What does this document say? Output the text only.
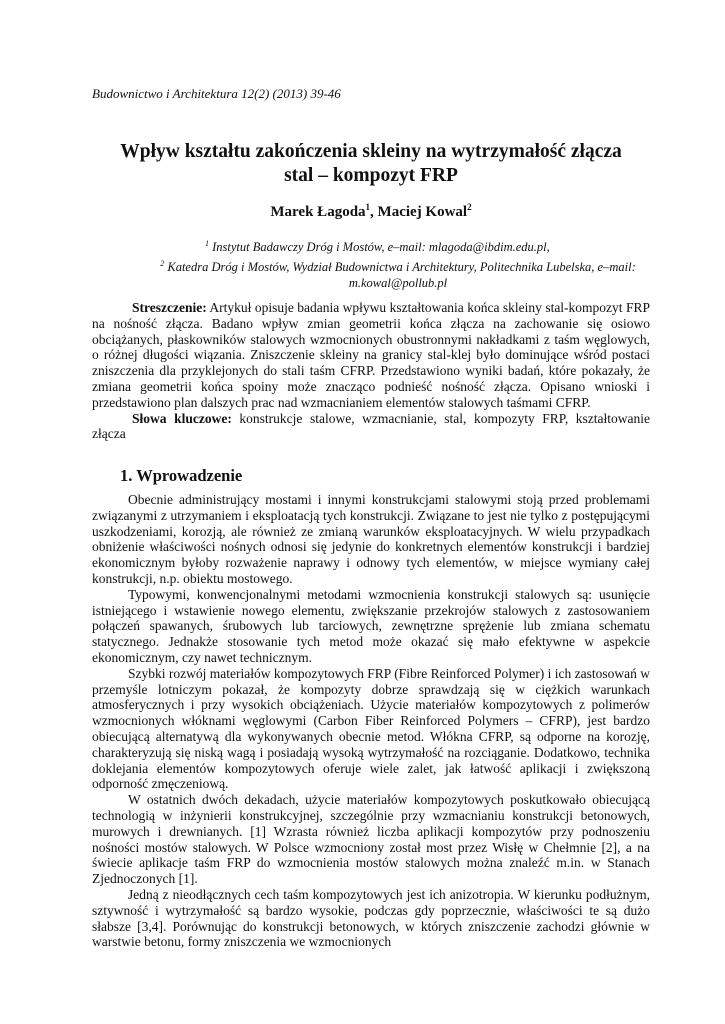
Budownictwo i Architektura 12(2) (2013) 39-46
Wpływ kształtu zakończenia skleiny na wytrzymałość złącza
stal – kompozyt FRP
Marek Łagoda$^1$, Maciej Kowal$^2$
$^1$ Instytut Badawczy Dróg i Mostów, e–mail: mlagoda@ibdim.edu.pl,
$^2$ Katedra Dróg i Mostów, Wydział Budownictwa i Architektury, Politechnika Lubelska, e–mail: m.kowal@pollub.pl

Streszczenie: Artykuł opisuje badania wpływu kształtowania końca skleiny stal-kompozyt FRP na nośność złącza. Badano wpływ zmian geometrii końca złącza na zachowanie się osiowo obciążanych, płaskowników stalowych wzmocnionych obustronnymi nakładkami z taśm węglowych, o różnej długości wiązania. Zniszczenie skleiny na granicy stal-klej było dominujące wśród postaci zniszczenia dla przyklejonych do stali taśm CFRP. Przedstawiono wyniki badań, które pokazały, że zmiana geometrii końca spoiny może znacząco podnieść nośność złącza. Opisano wnioski i przedstawiono plan dalszych prac nad wzmacnianiem elementów stalowych taśmami CFRP.

Słowa kluczowe: konstrukcje stalowe, wzmacnianie, stal, kompozyty FRP, kształtowanie złącza

1. Wprowadzenie

Obecnie administrujący mostami i innymi konstrukcjami stalowymi stoją przed problemami związanymi z utrzymaniem i eksploatacją tych konstrukcji. Związane to jest nie tylko z postępującymi uszkodzeniami, korozją, ale również ze zmianą warunków eksploatacyjnych. W wielu przypadkach obniżenie właściwości nośnych odnosi się jedynie do konkretnych elementów konstrukcji i bardziej ekonomicznym byłoby rozważenie naprawy i odnowy tych elementów, w miejsce wymiany całej konstrukcji, n.p. obiektu mostowego.

Typowymi, konwencjonalnymi metodami wzmocnienia konstrukcji stalowych są: usunięcie istniejącego i wstawienie nowego elementu, zwiększanie przekrojów stalowych z zastosowaniem połączeń spawanych, śrubowych lub tarciowych, zewnętrzne sprężenie lub zmiana schematu statycznego. Jednakże stosowanie tych metod może okazać się mało efektywne w aspekcie ekonomicznym, czy nawet technicznym.

Szybki rozwój materiałów kompozytowych FRP (Fibre Reinforced Polymer) i ich zastosowań w przemyśle lotniczym pokazał, że kompozyty dobrze sprawdzają się w ciężkich warunkach atmosferycznych i przy wysokich obciążeniach. Użycie materiałów kompozytowych z polimerów wzmocnionych włóknami węglowymi (Carbon Fiber Reinforced Polymers – CFRP), jest bardzo obiecującą alternatywą dla wykonywanych obecnie metod. Włókna CFRP, są odporne na korozję, charakteryzują się niską wagą i posiadają wysoką wytrzymałość na rozciąganie. Dodatkowo, technika doklejania elementów kompozytowych oferuje wiele zalet, jak łatwość aplikacji i zwiększoną odporność zmęczeniową.

W ostatnich dwóch dekadach, użycie materiałów kompozytowych poskutkowało obiecującą technologią w inżynierii konstrukcyjnej, szczególnie przy wzmacnianiu konstrukcji betonowych, murowych i drewnianych. [1] Wzrasta również liczba aplikacji kompozytów przy podnoszeniu nośności mostów stalowych. W Polsce wzmocniony został most przez Wisłę w Chełmnie [2], a na świecie aplikacje taśm FRP do wzmocnienia mostów stalowych można znaleźć m.in. w Stanach Zjednoczonych [1].

Jedną z nieodłącznych cech taśm kompozytowych jest ich anizotropia. W kierunku podłużnym, sztywność i wytrzymałość są bardzo wysokie, podczas gdy poprzecznie, właściwości te są dużo słabsze [3,4]. Porównując do konstrukcji betonowych, w których zniszczenie zachodzi głównie w warstwie betonu, formy zniszczenia we wzmocnionych
